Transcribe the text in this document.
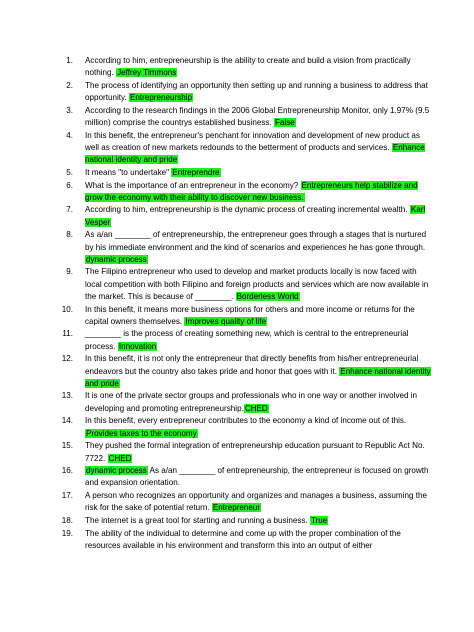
1.	According to him, entrepreneurship is the ability to create and build a vision from practically nothing. Jeffrey Timmons
2.	The process of identifying an opportunity then setting up and running a business to address that opportunity. Entrepreneurship
3.	According to the research findings in the 2006 Global Entrepreneurship Monitor, only 1.97% (9.5 million) comprise the countrys established business. False
4.	In this benefit, the entrepreneur's penchant for innovation and development of new product as well as creation of new markets redounds to the betterment of products and services. Enhance national identity and pride
5.	It means "to undertake" Entreprendre
6.	What is the importance of an entrepreneur in the economy? Entrepreneurs help stabilize and grow the economy with their ability to discover new business.
7.	According to him, entrepreneurship is the dynamic process of creating incremental wealth. Karl Vesper
8.	As a/an ________ of entrepreneurship, the entrepreneur goes through a stages that is nurtured by his immediate environment and the kind of scenarios and experiences he has gone through. dynamic process
9.	The Filipino entrepreneur who used to develop and market products locally is now faced with local competition with both Filipino and foreign products and services which are now available in the market. This is because of ________. Borderless World
10.	In this benefit, it means more business options for others and more income or returns for the capital owners themselves. Improves quality of life
11.	________ is the process of creating something new, which is central to the entrepreneurial process. Innovation
12.	In this benefit, it is not only the entrepreneur that directly benefits from his/her entrepreneurial endeavors but the country also takes pride and honor that goes with it. Enhance national identity and pride
13.	It is one of the private sector groups and professionals who in one way or another involved in developing and promoting entrepreneurship.CHED
14.	In this benefit, every entrepreneur contributes to the economy a kind of income out of this. Provides taxes to the economy
15.	They pushed the formal integration of entrepreneurship education pursuant to Republic Act No. 7722. CHED
16.	dynamic process As a/an ________ of entrepreneurship, the entrepreneur is focused on growth and expansion orientation.
17.	A person who recognizes an opportunity and organizes and manages a business, assuming the risk for the sake of potential return. Entrepreneur
18.	The internet is a great tool for starting and running a business. True
19.	The ability of the individual to determine and come up with the proper combination of the resources available in his environment and transform this into an output of either
